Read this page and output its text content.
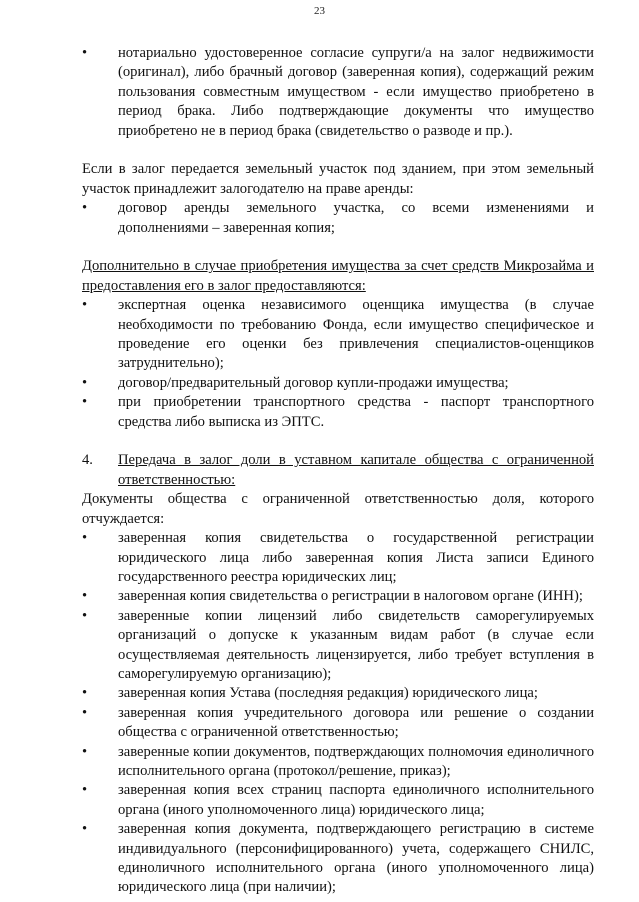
23
•	нотариально удостоверенное согласие супруги/а на залог недвижимости (оригинал), либо брачный договор (заверенная копия), содержащий режим пользования совместным имуществом - если имущество приобретено в период брака. Либо подтверждающие документы что имущество приобретено не в период брака (свидетельство о разводе и пр.).
Если в залог передается земельный участок под зданием, при этом земельный участок принадлежит залогодателю на праве аренды:
•	договор аренды земельного участка, со всеми изменениями и дополнениями – заверенная копия;
Дополнительно в случае приобретения имущества за счет средств Микрозайма и предоставления его в залог предоставляются:
•	экспертная оценка независимого оценщика имущества (в случае необходимости по требованию Фонда, если имущество специфическое и проведение его оценки без привлечения специалистов-оценщиков затруднительно);
•	договор/предварительный договор купли-продажи имущества;
•	при приобретении транспортного средства - паспорт транспортного средства либо выписка из ЭПТС.
4. Передача в залог доли в уставном капитале общества с ограниченной ответственностью:
Документы общества с ограниченной ответственностью доля, которого отчуждается:
•	заверенная копия свидетельства о государственной регистрации юридического лица либо заверенная копия Листа записи Единого государственного реестра юридических лиц;
•	заверенная копия свидетельства о регистрации в налоговом органе (ИНН);
•	заверенные копии лицензий либо свидетельств саморегулируемых организаций о допуске к указанным видам работ (в случае если осуществляемая деятельность лицензируется, либо требует вступления в саморегулируемую организацию);
•	заверенная копия Устава (последняя редакция) юридического лица;
•	заверенная копия учредительного договора или решение о создании общества с ограниченной ответственностью;
•	заверенные копии документов, подтверждающих полномочия единоличного исполнительного органа (протокол/решение, приказ);
•	заверенная копия всех страниц паспорта единоличного исполнительного органа (иного уполномоченного лица) юридического лица;
•	заверенная копия документа, подтверждающего регистрацию в системе индивидуального (персонифицированного) учета, содержащего СНИЛС, единоличного исполнительного органа (иного уполномоченного лица) юридического лица (при наличии);
